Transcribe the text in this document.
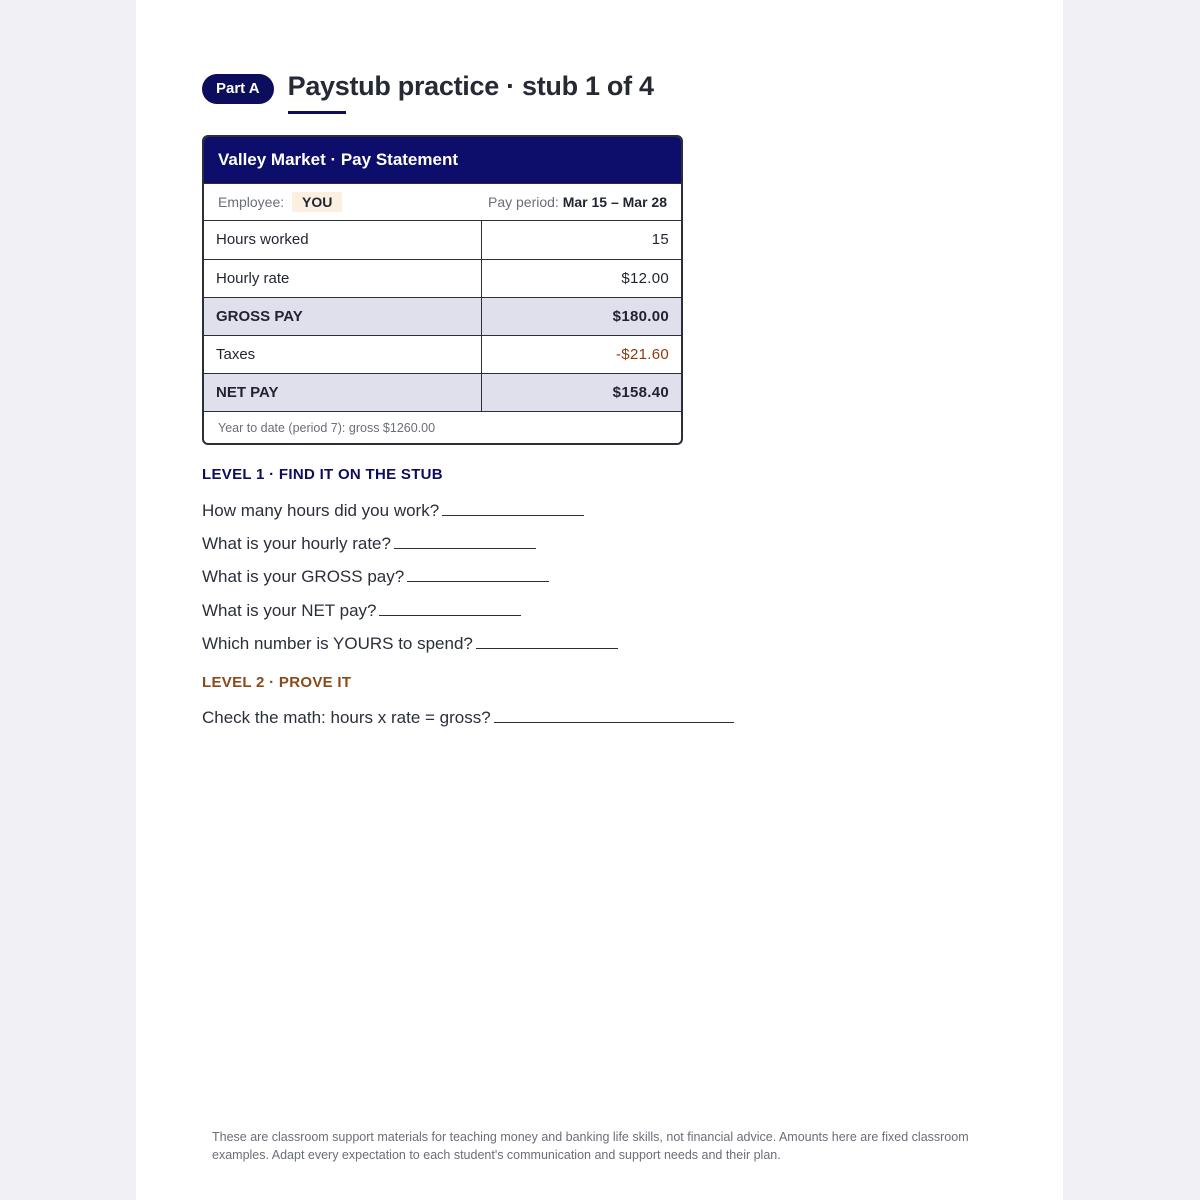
Part A	Paystub practice · stub 1 of 4
Valley Market · Pay Statement
Employee: YOU	Pay period: Mar 15 – Mar 28
Hours worked	15
Hourly rate	$12.00
GROSS PAY	$180.00
Taxes	-$21.60
NET PAY	$158.40
Year to date (period 7): gross $1260.00
LEVEL 1 · FIND IT ON THE STUB
How many hours did you work?
What is your hourly rate?
What is your GROSS pay?
What is your NET pay?
Which number is YOURS to spend?
LEVEL 2 · PROVE IT
Check the math: hours x rate = gross?
These are classroom support materials for teaching money and banking life skills, not financial advice. Amounts here are fixed classroom examples. Adapt every expectation to each student's communication and support needs and their plan.
